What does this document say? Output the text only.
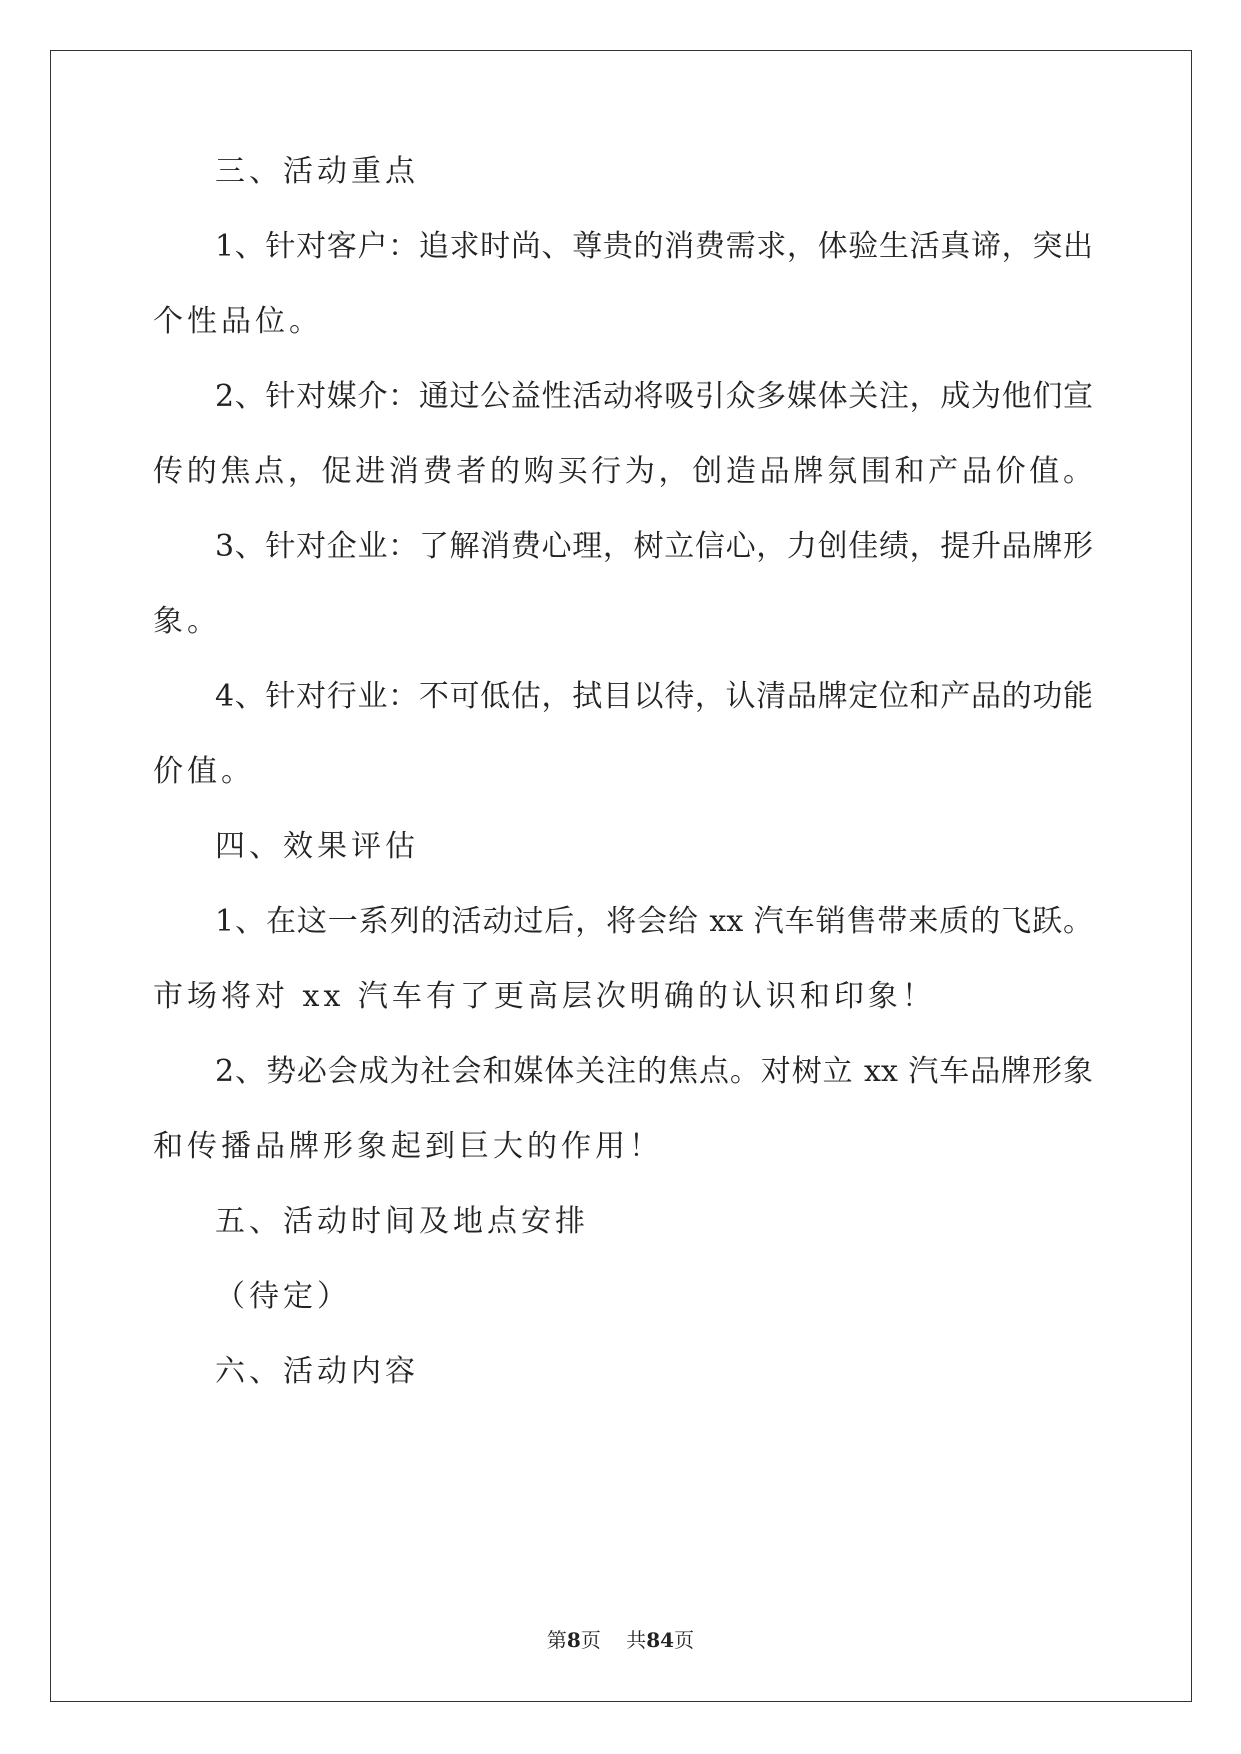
三、活动重点
1、针对客户：追求时尚、尊贵的消费需求，体验生活真谛，突出
个性品位。
2、针对媒介：通过公益性活动将吸引众多媒体关注，成为他们宣
传的焦点，促进消费者的购买行为，创造品牌氛围和产品价值。
3、针对企业：了解消费心理，树立信心，力创佳绩，提升品牌形
象。
4、针对行业：不可低估，拭目以待，认清品牌定位和产品的功能
价值。
四、效果评估
1、在这一系列的活动过后，将会给 xx 汽车销售带来质的飞跃。
市场将对 xx 汽车有了更高层次明确的认识和印象！
2、势必会成为社会和媒体关注的焦点。对树立 xx 汽车品牌形象
和传播品牌形象起到巨大的作用！
五、活动时间及地点安排
（待定）
六、活动内容
第8页 共84页
